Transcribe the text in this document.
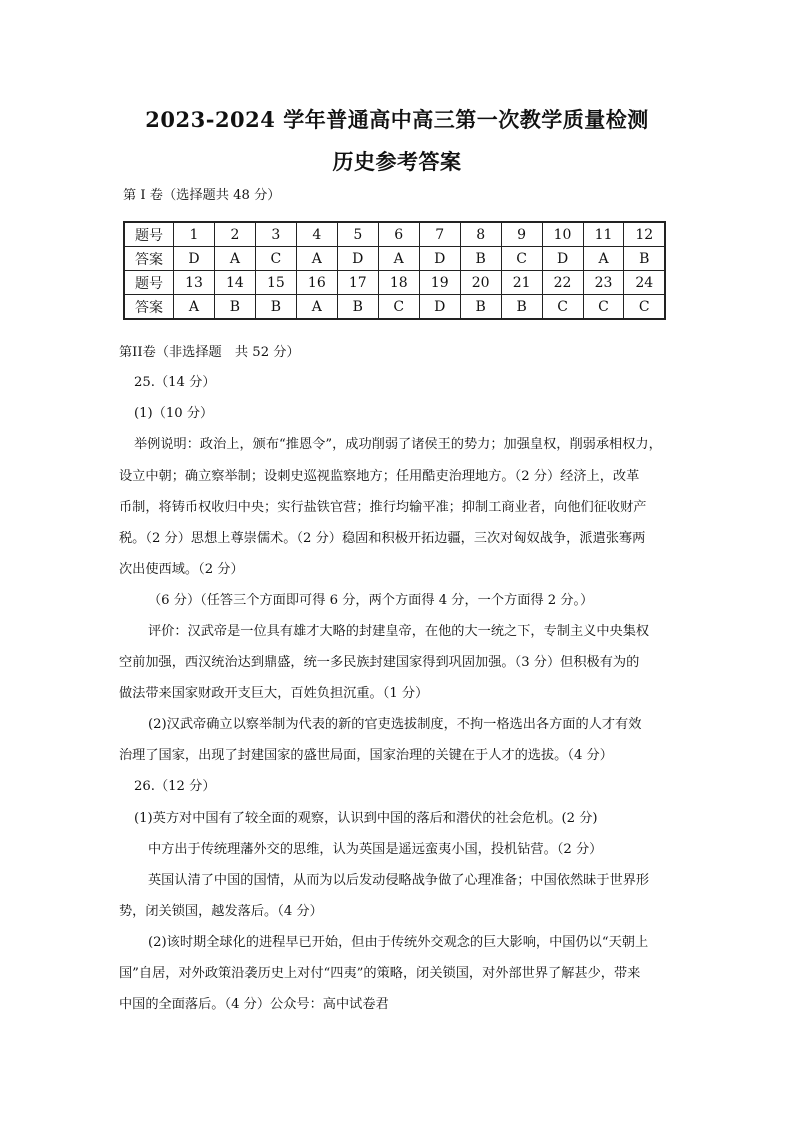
2023-2024 学年普通高中高三第一次教学质量检测
历史参考答案
第 I 卷（选择题共 48 分）
题号	1	2	3	4	5	6	7	8	9	10	11	12
答案	D	A	C	A	D	A	D	B	C	D	A	B
题号	13	14	15	16	17	18	19	20	21	22	23	24
答案	A	B	B	A	B	C	D	B	B	C	C	C
第II卷（非选择题　共 52 分）
25.（14 分）
(1)（10 分）
举例说明：政治上，颁布“推恩令”，成功削弱了诸侯王的势力；加强皇权，削弱承相权力，
设立中朝；确立察举制；设刺史巡视监察地方；任用酷吏治理地方。（2 分）经济上，改革
币制，将铸币权收归中央；实行盐铁官营；推行均输平准；抑制工商业者，向他们征收财产
税。（2 分）思想上尊崇儒术。（2 分）稳固和积极开拓边疆，三次对匈奴战争，派遣张骞两
次出使西域。（2 分）
（6 分）（任答三个方面即可得 6 分，两个方面得 4 分，一个方面得 2 分。）
评价：汉武帝是一位具有雄才大略的封建皇帝，在他的大一统之下，专制主义中央集权
空前加强，西汉统治达到鼎盛，统一多民族封建国家得到巩固加强。（3 分）但积极有为的
做法带来国家财政开支巨大，百姓负担沉重。（1 分）
(2)汉武帝确立以察举制为代表的新的官吏选拔制度，不拘一格选出各方面的人才有效
治理了国家，出现了封建国家的盛世局面，国家治理的关键在于人才的选拔。（4 分）
26.（12 分）
(1)英方对中国有了较全面的观察，认识到中国的落后和潜伏的社会危机。(2 分)
中方出于传统理藩外交的思维，认为英国是遥远蛮夷小国，投机钻营。（2 分）
英国认清了中国的国情，从而为以后发动侵略战争做了心理准备；中国依然昧于世界形
势，闭关锁国，越发落后。（4 分）
(2)该时期全球化的进程早已开始，但由于传统外交观念的巨大影响，中国仍以“天朝上
国”自居，对外政策沿袭历史上对付“四夷”的策略，闭关锁国，对外部世界了解甚少，带来
中国的全面落后。（4 分）公众号：高中试卷君
